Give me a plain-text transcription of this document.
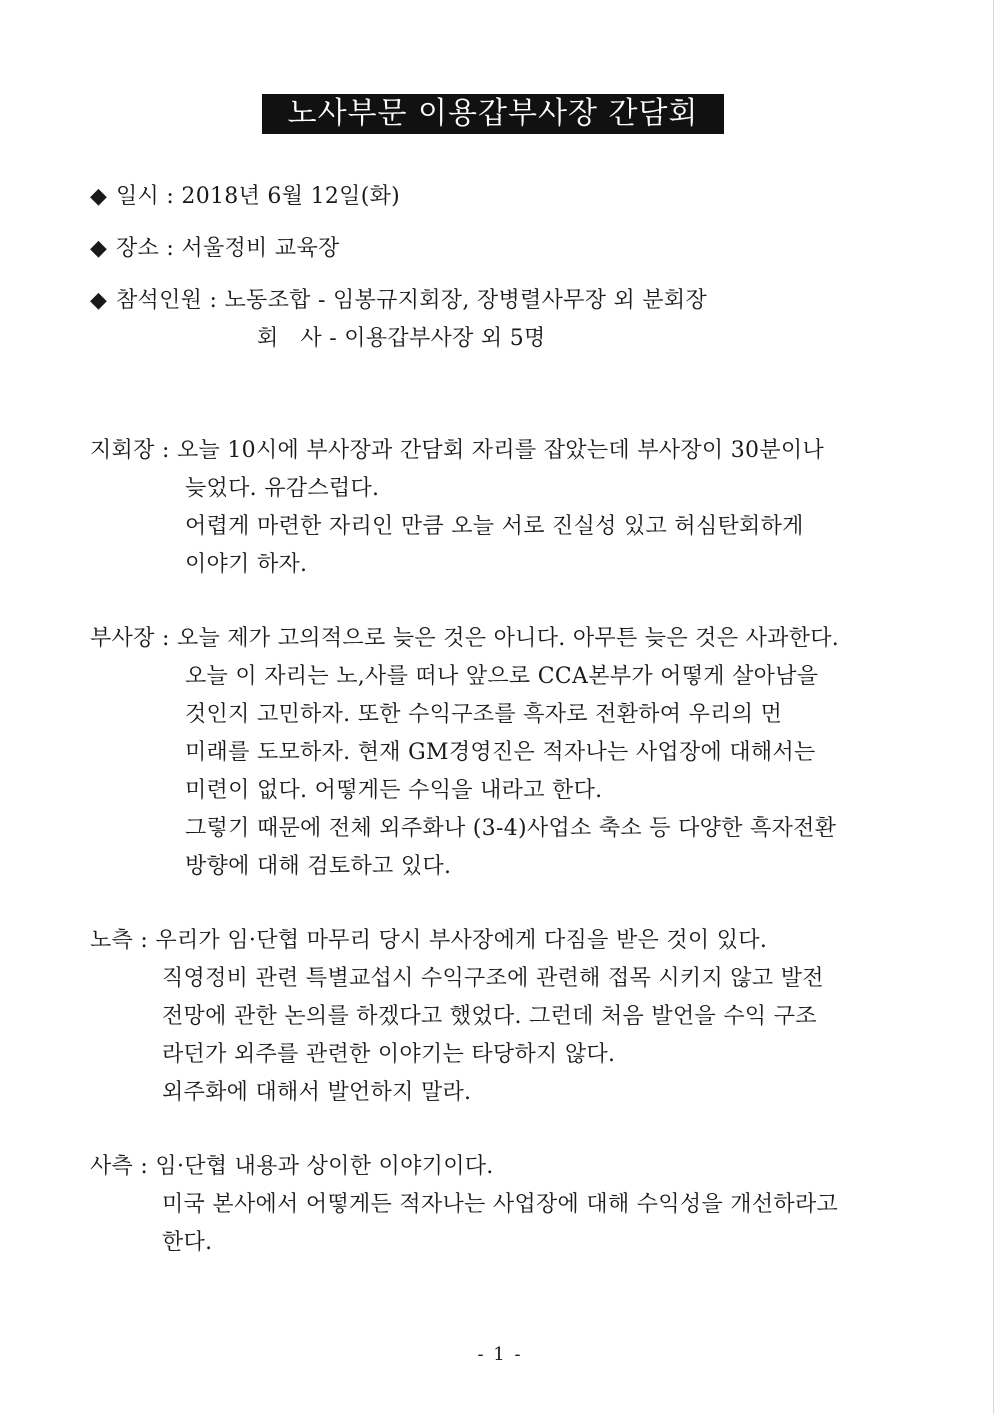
노사부문 이용갑부사장 간담회
◆ 일시 : 2018년 6월 12일(화)
◆ 장소 : 서울정비 교육장
◆ 참석인원 : 노동조합 - 임봉규지회장, 장병렬사무장 외 분회장
회   사 - 이용갑부사장 외 5명
지회장 : 오늘 10시에 부사장과 간담회 자리를 잡았는데 부사장이 30분이나
늦었다. 유감스럽다.
어렵게 마련한 자리인 만큼 오늘 서로 진실성 있고 허심탄회하게
이야기 하자.
부사장 : 오늘 제가 고의적으로 늦은 것은 아니다. 아무튼 늦은 것은 사과한다.
오늘 이 자리는 노,사를 떠나 앞으로 CCA본부가 어떻게 살아남을
것인지 고민하자. 또한 수익구조를 흑자로 전환하여 우리의 먼
미래를 도모하자. 현재 GM경영진은 적자나는 사업장에 대해서는
미련이 없다. 어떻게든 수익을 내라고 한다.
그렇기 때문에 전체 외주화나 (3-4)사업소 축소 등 다양한 흑자전환
방향에 대해 검토하고 있다.
노측 : 우리가 임·단협 마무리 당시 부사장에게 다짐을 받은 것이 있다.
직영정비 관련 특별교섭시 수익구조에 관련해 접목 시키지 않고 발전
전망에 관한 논의를 하겠다고 했었다. 그런데 처음 발언을 수익 구조
라던가 외주를 관련한 이야기는 타당하지 않다.
외주화에 대해서 발언하지 말라.
사측 : 임·단협 내용과 상이한 이야기이다.
미국 본사에서 어떻게든 적자나는 사업장에 대해 수익성을 개선하라고
한다.
- 1 -
